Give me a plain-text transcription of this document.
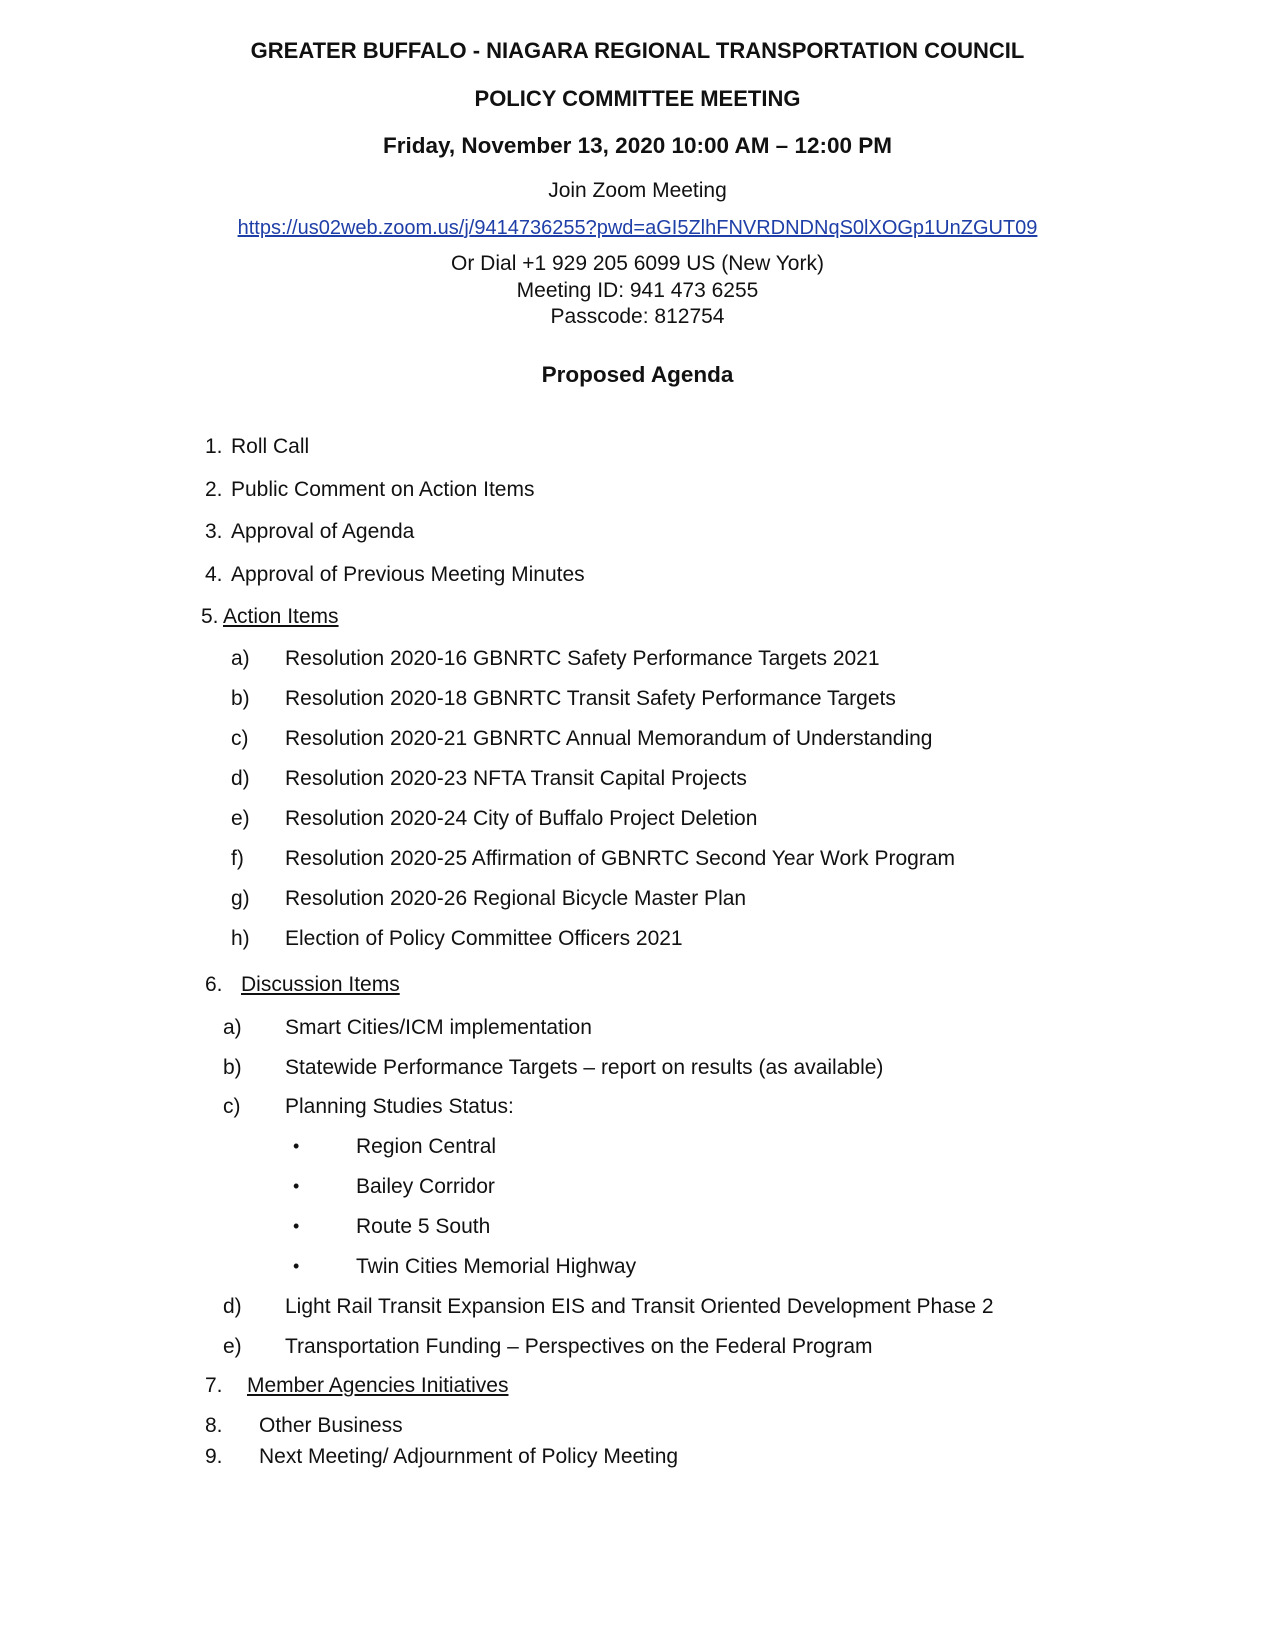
GREATER BUFFALO - NIAGARA REGIONAL TRANSPORTATION COUNCIL
POLICY COMMITTEE MEETING
Friday, November 13, 2020 10:00 AM – 12:00 PM
Join Zoom Meeting
https://us02web.zoom.us/j/9414736255?pwd=aGI5ZlhFNVRDNDNqS0lXOGp1UnZGUT09
Or Dial +1 929 205 6099 US (New York)
Meeting ID: 941 473 6255
Passcode: 812754
Proposed Agenda
1. Roll Call
2. Public Comment on Action Items
3. Approval of Agenda
4. Approval of Previous Meeting Minutes
5. Action Items
a) Resolution 2020-16 GBNRTC Safety Performance Targets 2021
b) Resolution 2020-18 GBNRTC Transit Safety Performance Targets
c) Resolution 2020-21 GBNRTC Annual Memorandum of Understanding
d) Resolution 2020-23 NFTA Transit Capital Projects
e) Resolution 2020-24 City of Buffalo Project Deletion
f) Resolution 2020-25 Affirmation of GBNRTC Second Year Work Program
g) Resolution 2020-26 Regional Bicycle Master Plan
h) Election of Policy Committee Officers 2021
6. Discussion Items
a) Smart Cities/ICM implementation
b) Statewide Performance Targets – report on results (as available)
c) Planning Studies Status:
•	Region Central
•	Bailey Corridor
•	Route 5 South
•	Twin Cities Memorial Highway
d) Light Rail Transit Expansion EIS and Transit Oriented Development Phase 2
e) Transportation Funding – Perspectives on the Federal Program
7. Member Agencies Initiatives
8. Other Business
9. Next Meeting/ Adjournment of Policy Meeting
